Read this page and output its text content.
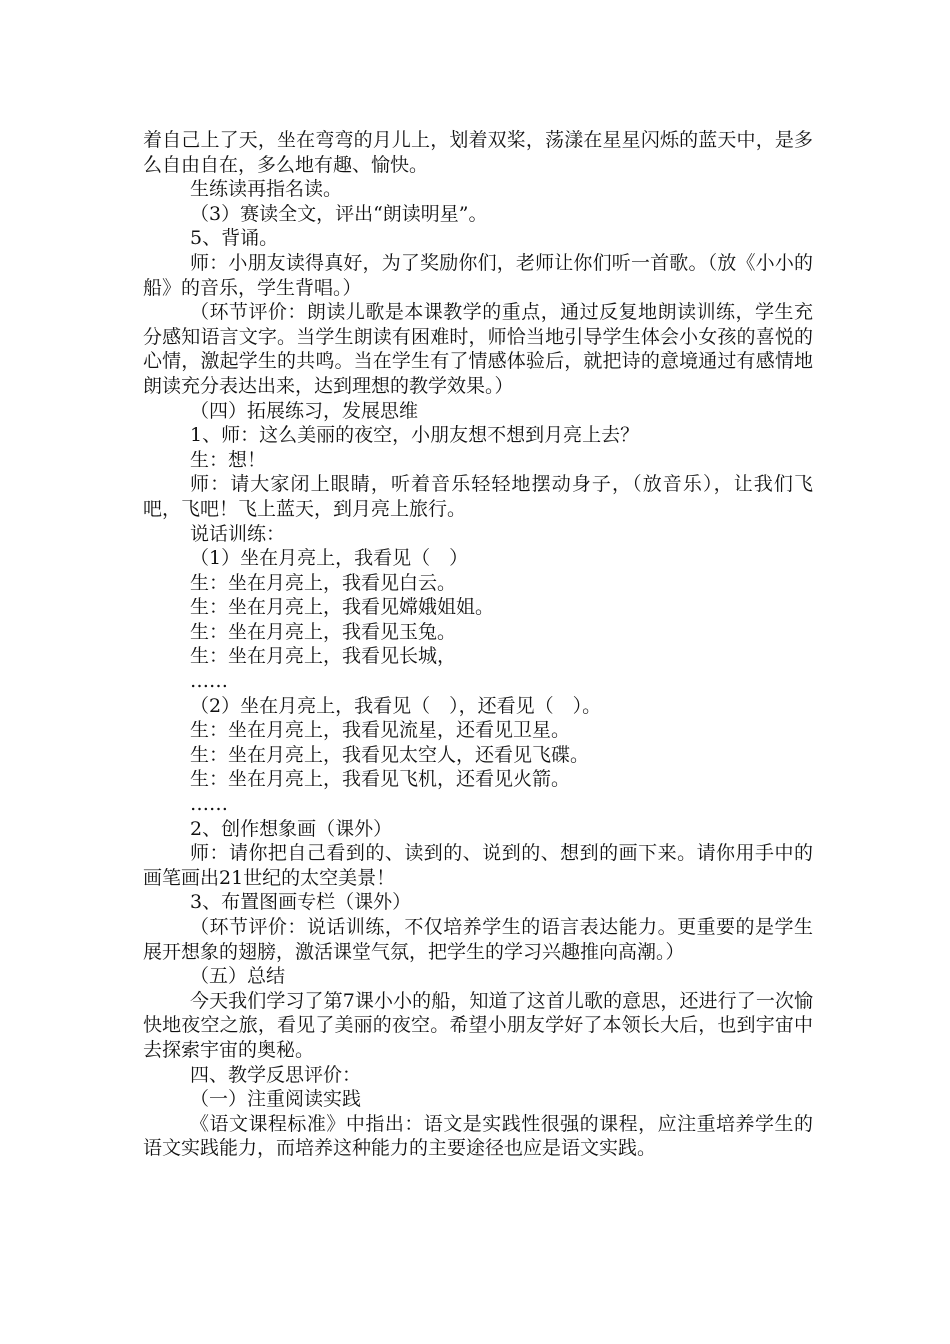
着自己上了天，坐在弯弯的月儿上，划着双桨，荡漾在星星闪烁的蓝天中，是多么自由自在，多么地有趣、愉快。

生练读再指名读。

（3）赛读全文，评出“朗读明星”。

5、背诵。

师：小朋友读得真好，为了奖励你们，老师让你们听一首歌。（放《小小的船》的音乐，学生背唱。）

（环节评价：朗读儿歌是本课教学的重点，通过反复地朗读训练，学生充分感知语言文字。当学生朗读有困难时，师恰当地引导学生体会小女孩的喜悦的心情，激起学生的共鸣。当在学生有了情感体验后，就把诗的意境通过有感情地朗读充分表达出来，达到理想的教学效果。）

（四）拓展练习，发展思维

1、师：这么美丽的夜空，小朋友想不想到月亮上去？

生：想！

师：请大家闭上眼睛，听着音乐轻轻地摆动身子，（放音乐），让我们飞吧，飞吧！飞上蓝天，到月亮上旅行。

说话训练：

（1）坐在月亮上，我看见（　）

生：坐在月亮上，我看见白云。

生：坐在月亮上，我看见嫦娥姐姐。

生：坐在月亮上，我看见玉兔。

生：坐在月亮上，我看见长城，

……

（2）坐在月亮上，我看见（　），还看见（　）。

生：坐在月亮上，我看见流星，还看见卫星。

生：坐在月亮上，我看见太空人，还看见飞碟。

生：坐在月亮上，我看见飞机，还看见火箭。

……

2、创作想象画（课外）

师：请你把自己看到的、读到的、说到的、想到的画下来。请你用手中的画笔画出21世纪的太空美景！

3、布置图画专栏（课外）

（环节评价：说话训练，不仅培养学生的语言表达能力。更重要的是学生展开想象的翅膀，激活课堂气氛，把学生的学习兴趣推向高潮。）

（五）总结

今天我们学习了第7课小小的船，知道了这首儿歌的意思，还进行了一次愉快地夜空之旅，看见了美丽的夜空。希望小朋友学好了本领长大后，也到宇宙中去探索宇宙的奥秘。

四、教学反思评价：

（一）注重阅读实践

《语文课程标准》中指出：语文是实践性很强的课程，应注重培养学生的语文实践能力，而培养这种能力的主要途径也应是语文实践。
